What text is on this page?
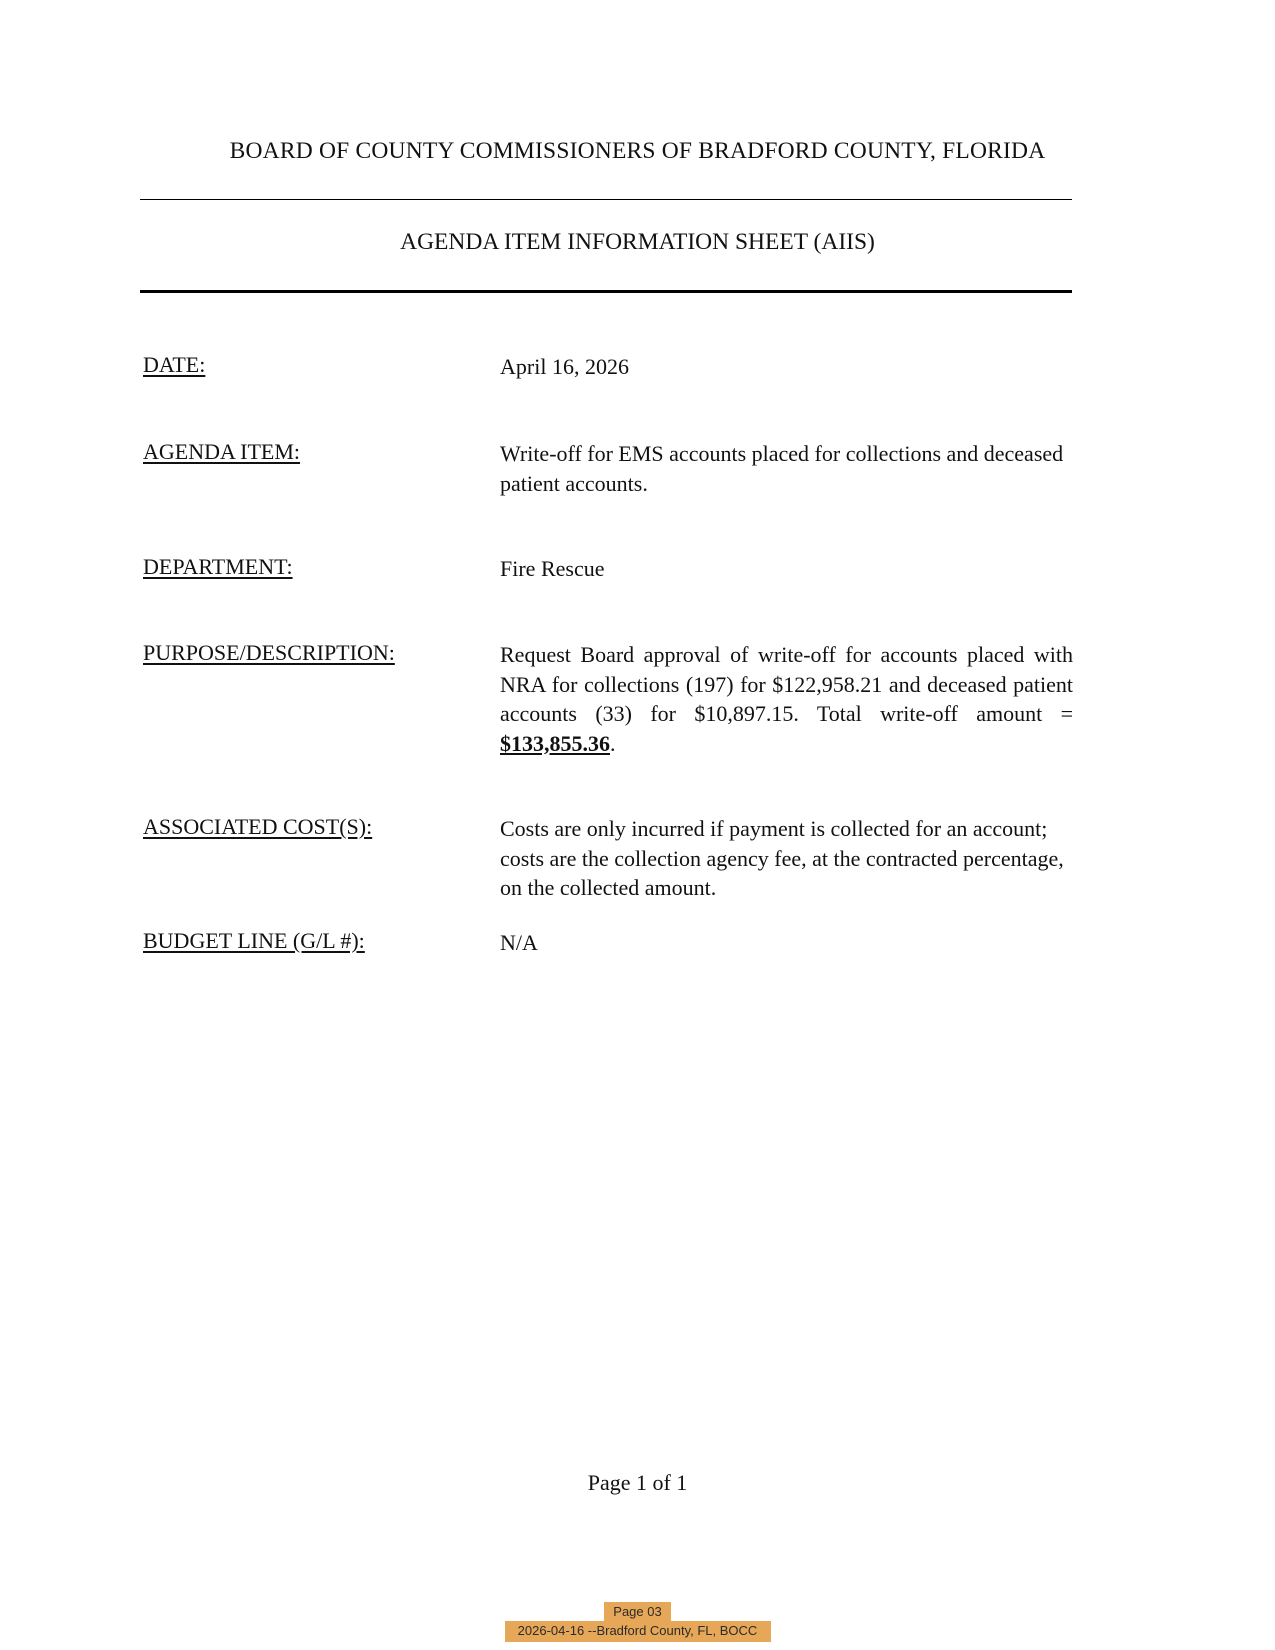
BOARD OF COUNTY COMMISSIONERS OF BRADFORD COUNTY, FLORIDA
AGENDA ITEM INFORMATION SHEET (AIIS)
DATE:	April 16, 2026
AGENDA ITEM:	Write-off for EMS accounts placed for collections and deceased patient accounts.
DEPARTMENT:	Fire Rescue
PURPOSE/DESCRIPTION:	Request Board approval of write-off for accounts placed with NRA for collections (197) for $122,958.21 and deceased patient accounts (33) for $10,897.15. Total write-off amount = $133,855.36.
ASSOCIATED COST(S):	Costs are only incurred if payment is collected for an account; costs are the collection agency fee, at the contracted percentage, on the collected amount.
BUDGET LINE (G/L #):	N/A
Page 1 of 1
Page 03
2026-04-16 --Bradford County, FL, BOCC
